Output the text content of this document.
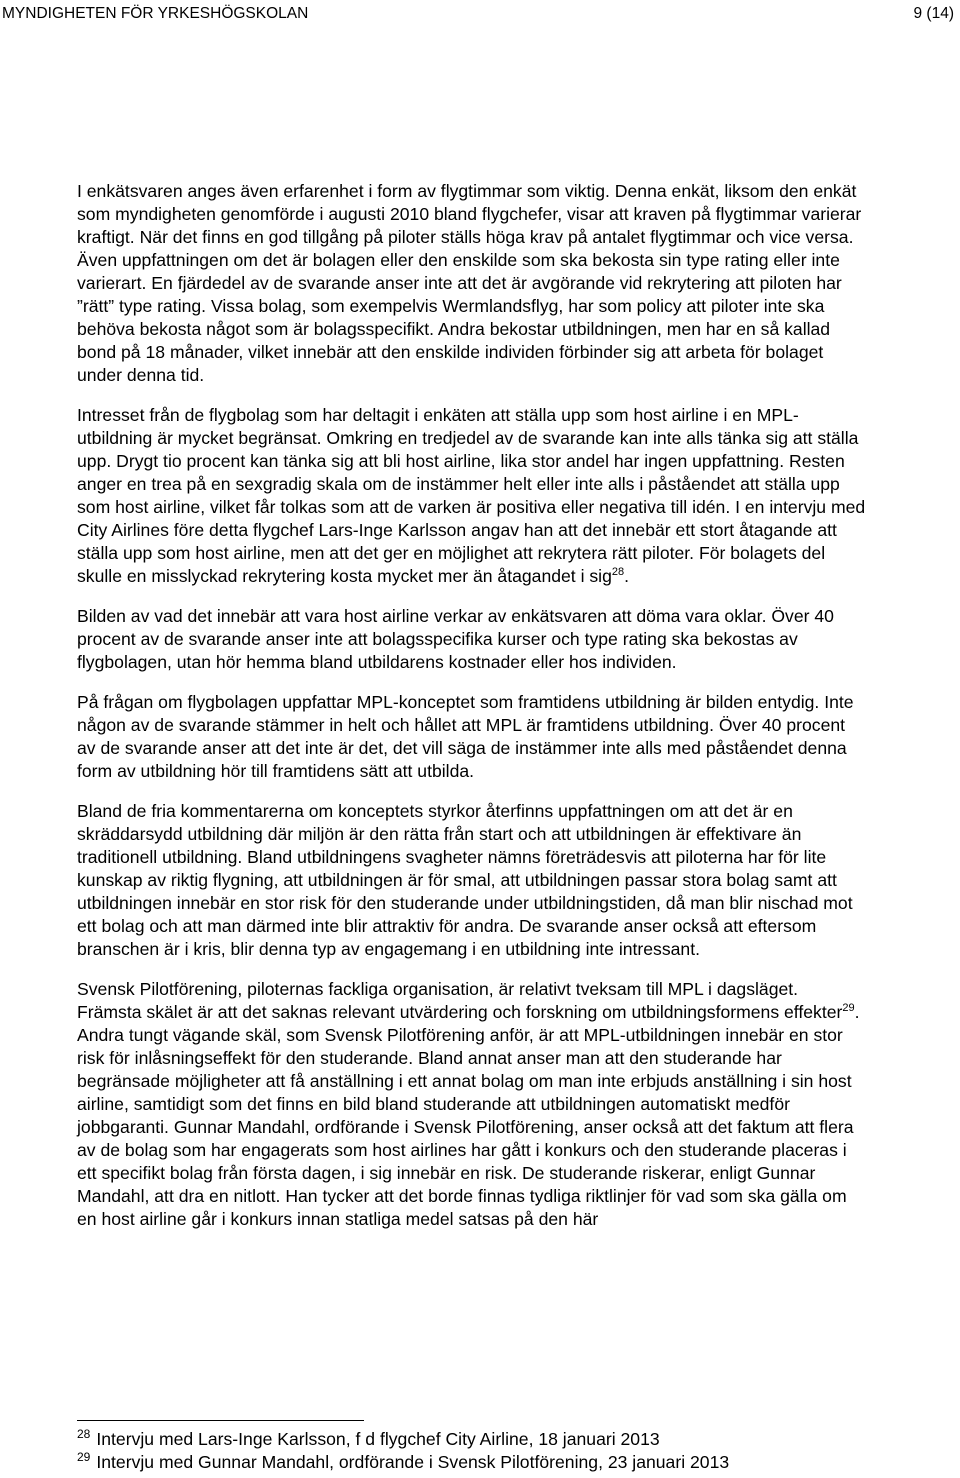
MYNDIGHETEN FÖR YRKESHÖGSKOLAN	9 (14)

I enkätsvaren anges även erfarenhet i form av flygtimmar som viktig. Denna enkät, liksom den enkät som myndigheten genomförde i augusti 2010 bland flygchefer, visar att kraven på flygtimmar varierar kraftigt. När det finns en god tillgång på piloter ställs höga krav på antalet flygtimmar och vice versa. Även uppfattningen om det är bolagen eller den enskilde som ska bekosta sin type rating eller inte varierart. En fjärdedel av de svarande anser inte att det är avgörande vid rekrytering att piloten har ”rätt” type rating. Vissa bolag, som exempelvis Wermlandsflyg, har som policy att piloter inte ska behöva bekosta något som är bolagsspecifikt. Andra bekostar utbildningen, men har en så kallad bond på 18 månader, vilket innebär att den enskilde individen förbinder sig att arbeta för bolaget under denna tid.

Intresset från de flygbolag som har deltagit i enkäten att ställa upp som host airline i en MPL-utbildning är mycket begränsat. Omkring en tredjedel av de svarande kan inte alls tänka sig att ställa upp. Drygt tio procent kan tänka sig att bli host airline, lika stor andel har ingen uppfattning. Resten anger en trea på en sexgradig skala om de instämmer helt eller inte alls i påståendet att ställa upp som host airline, vilket får tolkas som att de varken är positiva eller negativa till idén. I en intervju med City Airlines före detta flygchef Lars-Inge Karlsson angav han att det innebär ett stort åtagande att ställa upp som host airline, men att det ger en möjlighet att rekrytera rätt piloter. För bolagets del skulle en misslyckad rekrytering kosta mycket mer än åtagandet i sig$^{28}$.

Bilden av vad det innebär att vara host airline verkar av enkätsvaren att döma vara oklar. Över 40 procent av de svarande anser inte att bolagsspecifika kurser och type rating ska bekostas av flygbolagen, utan hör hemma bland utbildarens kostnader eller hos individen.

På frågan om flygbolagen uppfattar MPL-konceptet som framtidens utbildning är bilden entydig. Inte någon av de svarande stämmer in helt och hållet att MPL är framtidens utbildning. Över 40 procent av de svarande anser att det inte är det, det vill säga de instämmer inte alls med påståendet denna form av utbildning hör till framtidens sätt att utbilda.

Bland de fria kommentarerna om konceptets styrkor återfinns uppfattningen om att det är en skräddarsydd utbildning där miljön är den rätta från start och att utbildningen är effektivare än traditionell utbildning. Bland utbildningens svagheter nämns företrädesvis att piloterna har för lite kunskap av riktig flygning, att utbildningen är för smal, att utbildningen passar stora bolag samt att utbildningen innebär en stor risk för den studerande under utbildningstiden, då man blir nischad mot ett bolag och att man därmed inte blir attraktiv för andra. De svarande anser också att eftersom branschen är i kris, blir denna typ av engagemang i en utbildning inte intressant.

Svensk Pilotförening, piloternas fackliga organisation, är relativt tveksam till MPL i dagsläget. Främsta skälet är att det saknas relevant utvärdering och forskning om utbildningsformens effekter$^{29}$. Andra tungt vägande skäl, som Svensk Pilotförening anför, är att MPL-utbildningen innebär en stor risk för inlåsningseffekt för den studerande. Bland annat anser man att den studerande har begränsade möjligheter att få anställning i ett annat bolag om man inte erbjuds anställning i sin host airline, samtidigt som det finns en bild bland studerande att utbildningen automatiskt medför jobbgaranti. Gunnar Mandahl, ordförande i Svensk Pilotförening, anser också att det faktum att flera av de bolag som har engagerats som host airlines har gått i konkurs och den studerande placeras i ett specifikt bolag från första dagen, i sig innebär en risk. De studerande riskerar, enligt Gunnar Mandahl, att dra en nitlott. Han tycker att det borde finnas tydliga riktlinjer för vad som ska gälla om en host airline går i konkurs innan statliga medel satsas på den här

$^{28}$ Intervju med Lars-Inge Karlsson, f d flygchef City Airline, 18 januari 2013
$^{29}$ Intervju med Gunnar Mandahl, ordförande i Svensk Pilotförening, 23 januari 2013
